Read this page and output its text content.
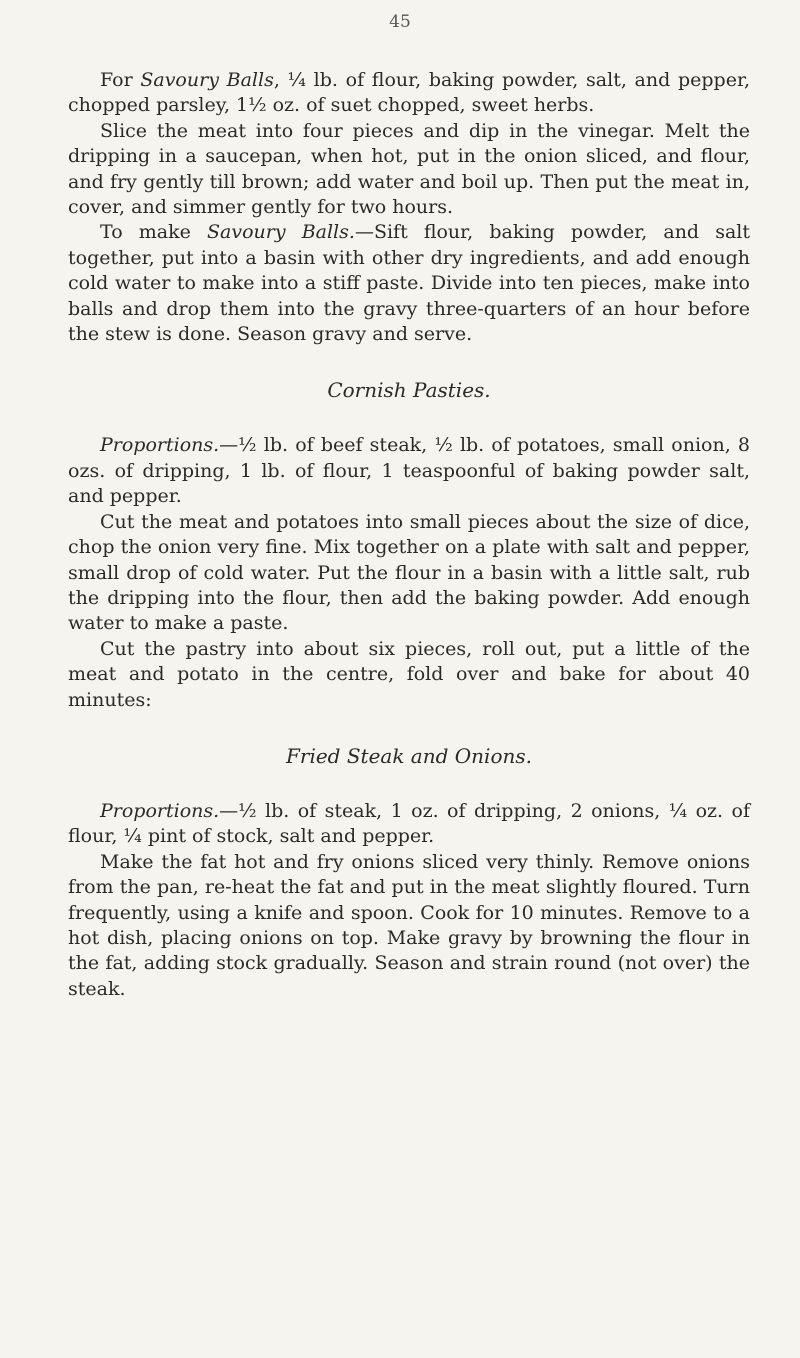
45

For Savoury Balls, ¼ lb. of flour, baking powder, salt, and pepper, chopped parsley, 1½ oz. of suet chopped, sweet herbs.

Slice the meat into four pieces and dip in the vinegar. Melt the dripping in a saucepan, when hot, put in the onion sliced, and flour, and fry gently till brown; add water and boil up. Then put the meat in, cover, and simmer gently for two hours.

To make Savoury Balls.—Sift flour, baking powder, and salt together, put into a basin with other dry ingredients, and add enough cold water to make into a stiff paste. Divide into ten pieces, make into balls and drop them into the gravy three-quarters of an hour before the stew is done. Season gravy and serve.

Cornish Pasties.

Proportions.—½ lb. of beef steak, ½ lb. of potatoes, small onion, 8 ozs. of dripping, 1 lb. of flour, 1 teaspoonful of baking powder salt, and pepper.

Cut the meat and potatoes into small pieces about the size of dice, chop the onion very fine. Mix together on a plate with salt and pepper, small drop of cold water. Put the flour in a basin with a little salt, rub the dripping into the flour, then add the baking powder. Add enough water to make a paste.

Cut the pastry into about six pieces, roll out, put a little of the meat and potato in the centre, fold over and bake for about 40 minutes:

Fried Steak and Onions.

Proportions.—½ lb. of steak, 1 oz. of dripping, 2 onions, ¼ oz. of flour, ¼ pint of stock, salt and pepper.

Make the fat hot and fry onions sliced very thinly. Remove onions from the pan, re-heat the fat and put in the meat slightly floured. Turn frequently, using a knife and spoon. Cook for 10 minutes. Remove to a hot dish, placing onions on top. Make gravy by browning the flour in the fat, adding stock gradually. Season and strain round (not over) the steak.
